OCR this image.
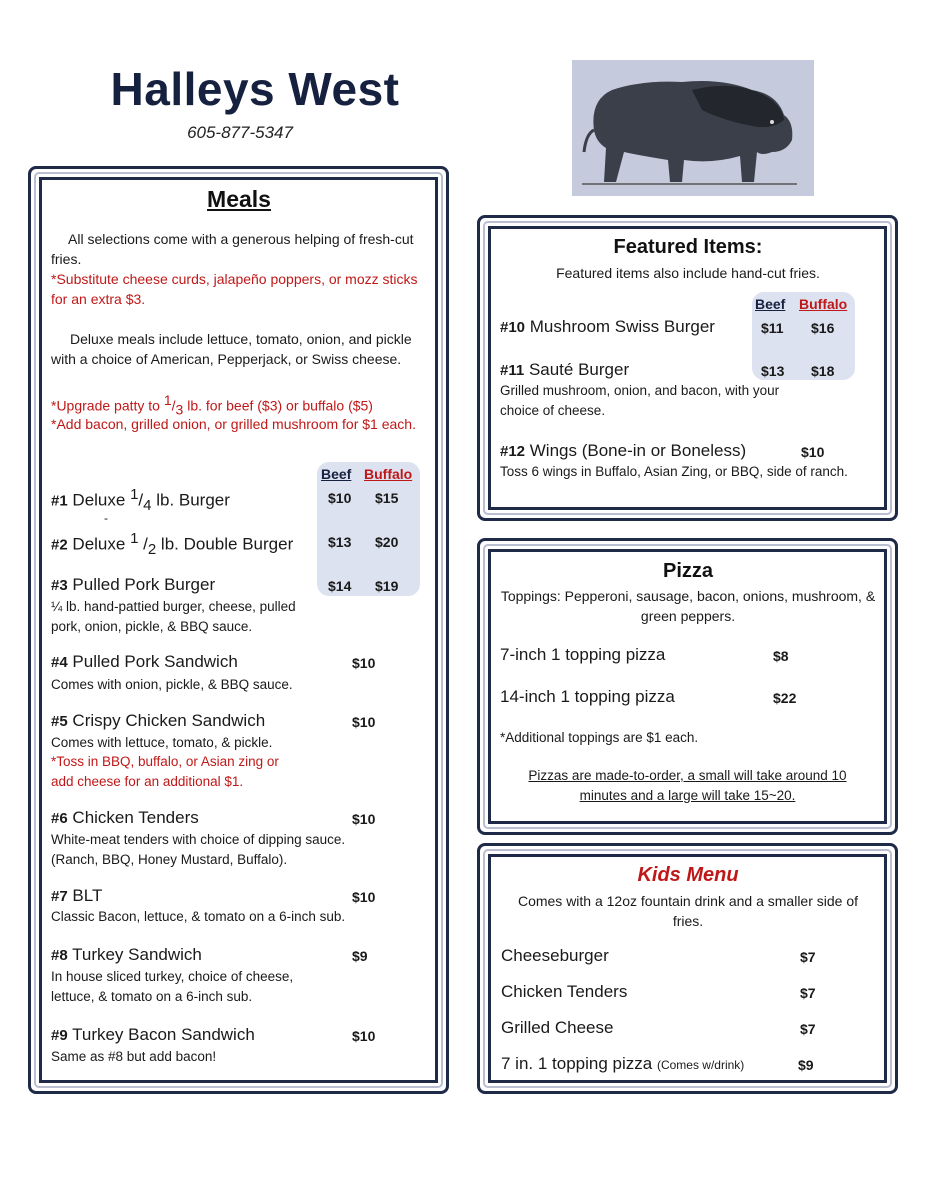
Halleys West
605-877-5347
Meals
All selections come with a generous helping of fresh-cut fries.
*Substitute cheese curds, jalapeño poppers, or mozz sticks for an extra $3.
Deluxe meals include lettuce, tomato, onion, and pickle with a choice of American, Pepperjack, or Swiss cheese.
*Upgrade patty to $^1/_3$ lb. for beef ($3) or buffalo ($5)
*Add bacon, grilled onion, or grilled mushroom for $1 each.
Beef Buffalo
#1 Deluxe $^1/_4$ lb. Burger	$10 $15
-
#2 Deluxe $^1$ $/_2$ lb. Double Burger $13 $20
#3 Pulled Pork Burger	$14 $19
¼ lb. hand-pattied burger, cheese, pulled pork, onion, pickle, & BBQ sauce.
#4 Pulled Pork Sandwich	$10
Comes with onion, pickle, & BBQ sauce.
#5 Crispy Chicken Sandwich	$10
Comes with lettuce, tomato, & pickle.
*Toss in BBQ, buffalo, or Asian zing or add cheese for an additional $1.
#6 Chicken Tenders	$10
White-meat tenders with choice of dipping sauce. (Ranch, BBQ, Honey Mustard, Buffalo).
#7 BLT	$10
Classic Bacon, lettuce, & tomato on a 6-inch sub.
#8 Turkey Sandwich	$9
In house sliced turkey, choice of cheese, lettuce, & tomato on a 6-inch sub.
#9 Turkey Bacon Sandwich	$10
Same as #8 but add bacon!
Featured Items:
Featured items also include hand-cut fries.
Beef Buffalo
#10 Mushroom Swiss Burger	$11 $16
#11 Sauté Burger	$13 $18
Grilled mushroom, onion, and bacon, with your choice of cheese.
#12 Wings (Bone-in or Boneless)	$10
Toss 6 wings in Buffalo, Asian Zing, or BBQ, side of ranch.
Pizza
Toppings: Pepperoni, sausage, bacon, onions, mushroom, & green peppers.
7-inch 1 topping pizza	$8
14-inch 1 topping pizza	$22
*Additional toppings are $1 each.
Pizzas are made-to-order, a small will take around 10 minutes and a large will take 15~20.
Kids Menu
Comes with a 12oz fountain drink and a smaller side of fries.
Cheeseburger	$7
Chicken Tenders	$7
Grilled Cheese	$7
7 in. 1 topping pizza (Comes w/drink)	$9
